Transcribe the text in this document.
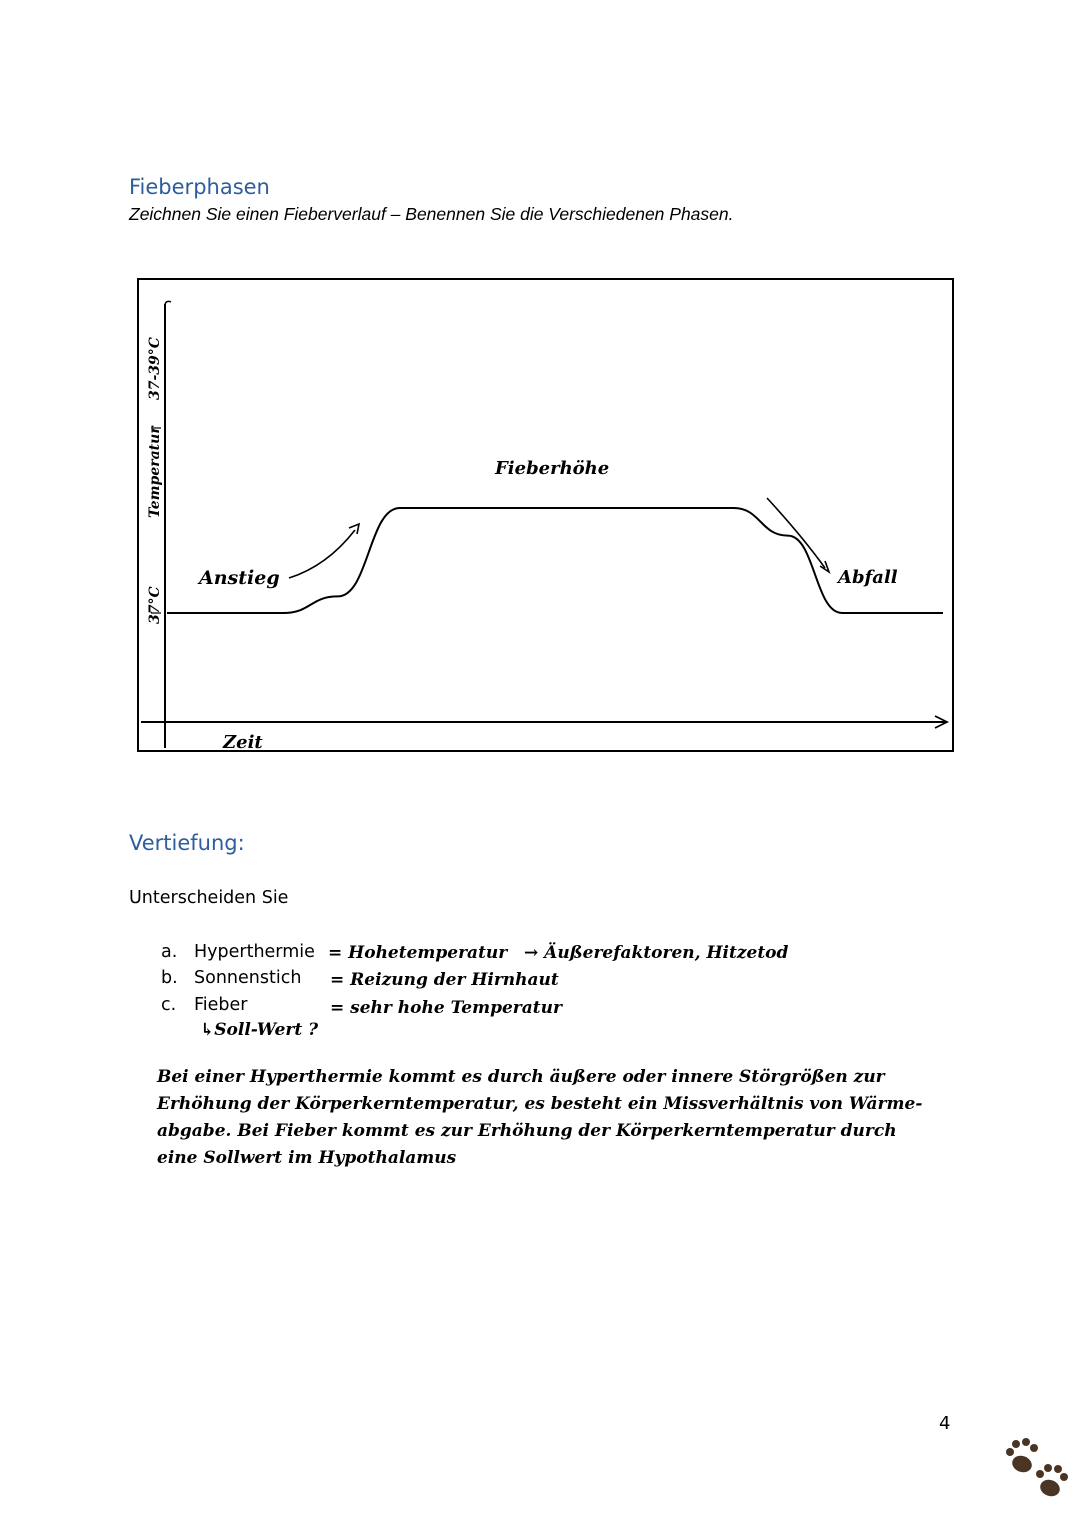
Fieberphasen
Zeichnen Sie einen Fieberverlauf – Benennen Sie die Verschiedenen Phasen.
37°C
Temperatur
37-39°C
Anstieg
Fieberhöhe
Abfall
Zeit
Vertiefung:
Unterscheiden Sie
a. Hyperthermie = Hohetemperatur → Äußerefaktoren, Hitzetod
b. Sonnenstich = Reizung der Hirnhaut
c. Fieber	= sehr hohe Temperatur
↳Soll-Wert ?
Bei einer Hyperthermie kommt es durch äußere oder innere Störgrößen zur
Erhöhung der Körperkerntemperatur, es besteht ein Missverhältnis von Wärme-
abgabe. Bei Fieber kommt es zur Erhöhung der Körperkerntemperatur durch
eine Sollwert im Hypothalamus
4
